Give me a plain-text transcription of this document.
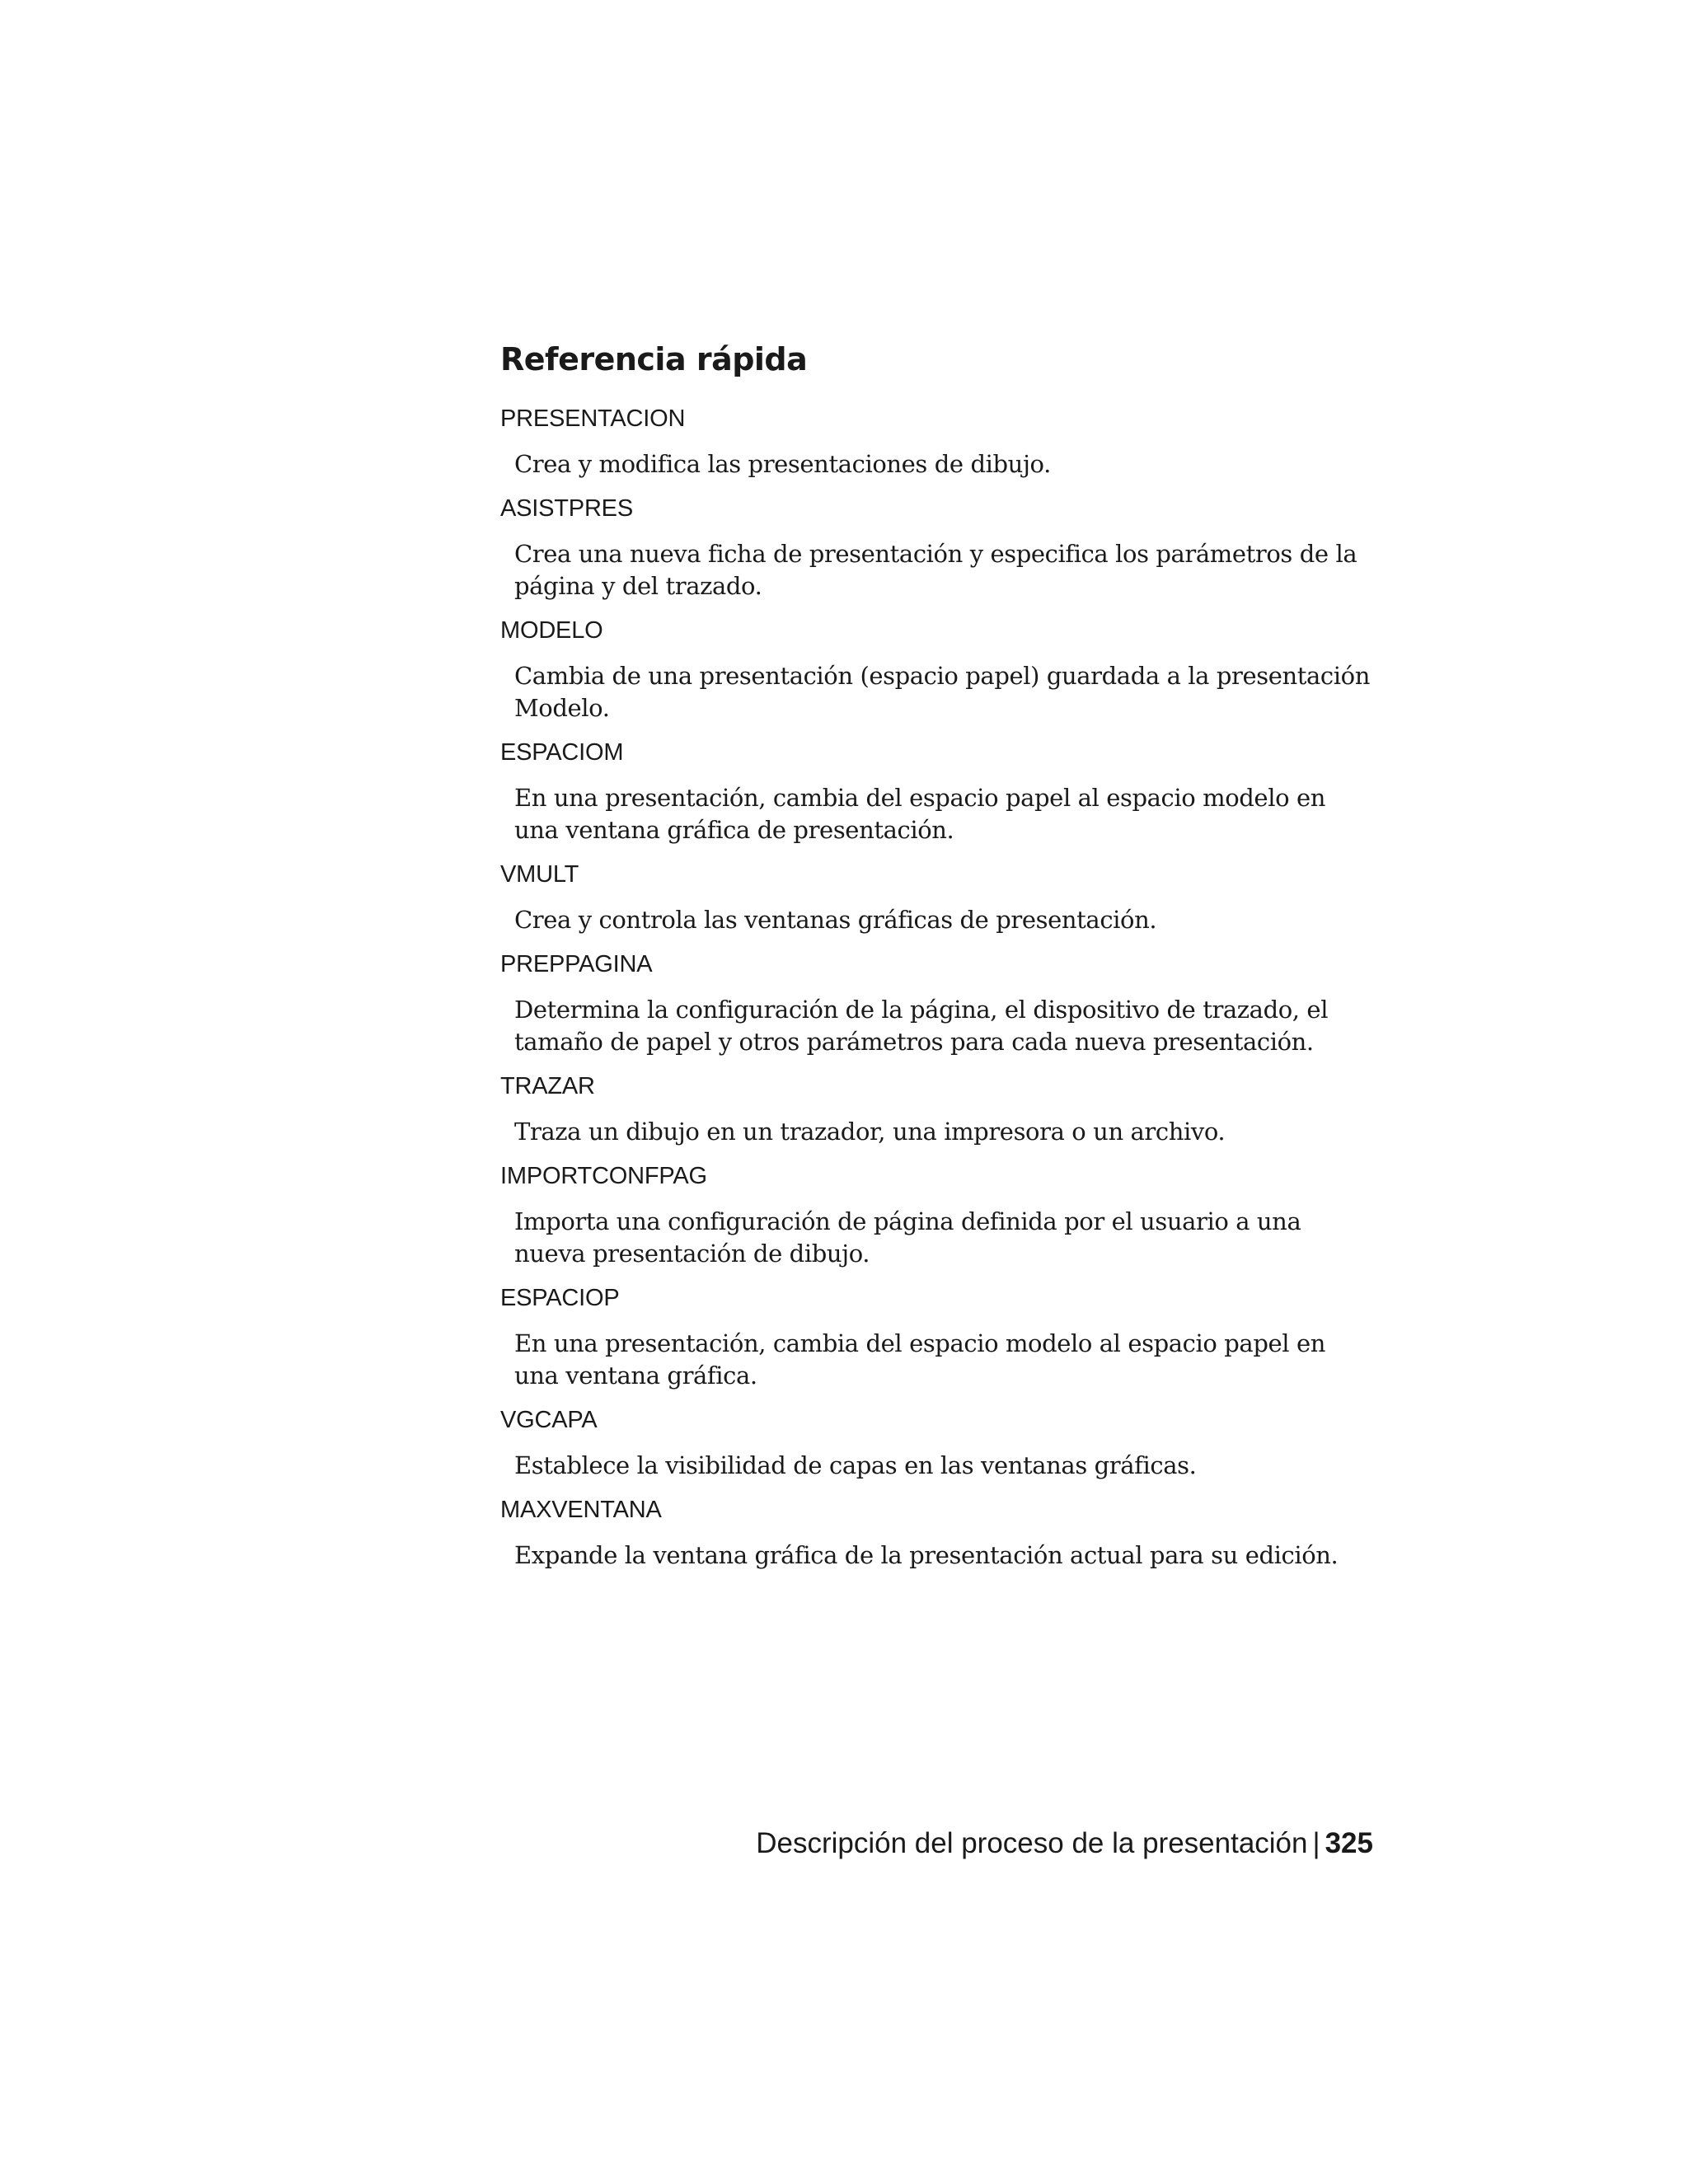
Referencia rápida

PRESENTACION

Crea y modifica las presentaciones de dibujo.

ASISTPRES

Crea una nueva ficha de presentación y especifica los parámetros de la página y del trazado.

MODELO

Cambia de una presentación (espacio papel) guardada a la presentación Modelo.

ESPACIOM

En una presentación, cambia del espacio papel al espacio modelo en una ventana gráfica de presentación.

VMULT

Crea y controla las ventanas gráficas de presentación.

PREPPAGINA

Determina la configuración de la página, el dispositivo de trazado, el tamaño de papel y otros parámetros para cada nueva presentación.

TRAZAR

Traza un dibujo en un trazador, una impresora o un archivo.

IMPORTCONFPAG

Importa una configuración de página definida por el usuario a una nueva presentación de dibujo.

ESPACIOP

En una presentación, cambia del espacio modelo al espacio papel en una ventana gráfica.

VGCAPA

Establece la visibilidad de capas en las ventanas gráficas.

MAXVENTANA

Expande la ventana gráfica de la presentación actual para su edición.

Descripción del proceso de la presentación | 325
